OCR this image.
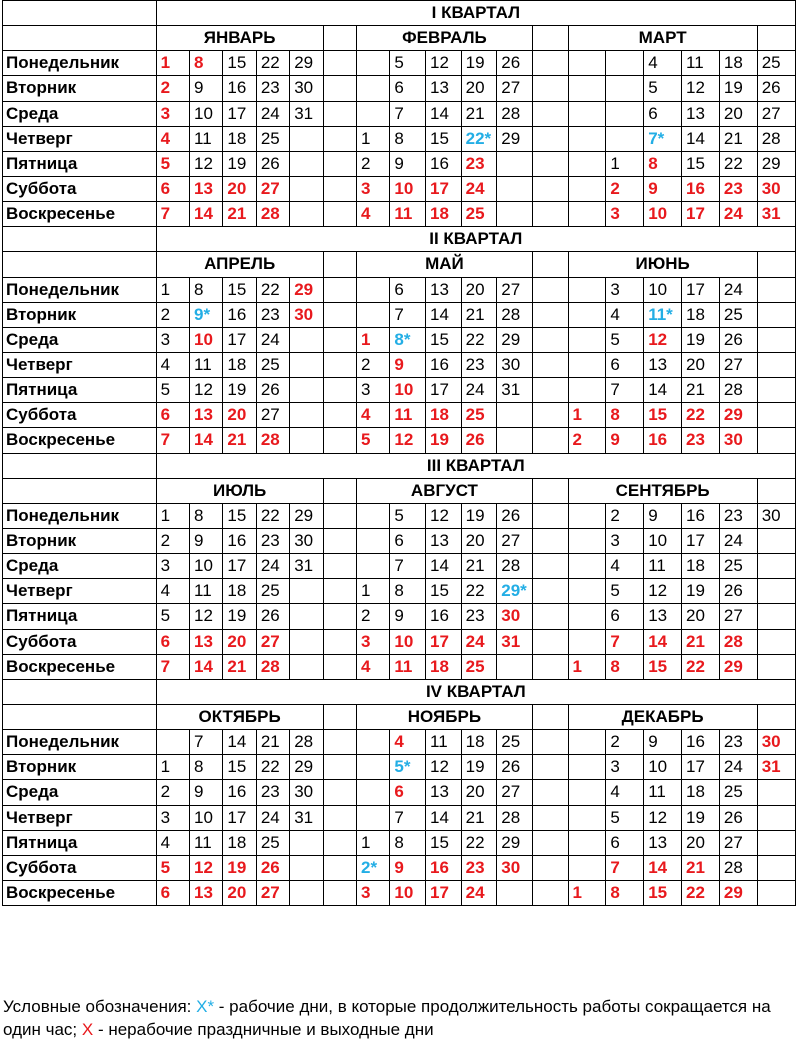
	I КВАРТАЛ																	
	ЯНВАРЬ						ФЕВРАЛЬ						МАРТ					
Понедельник	1	8	15	22	29			5	12	19	26				4	11	18	25
Вторник	2	9	16	23	30			6	13	20	27				5	12	19	26
Среда	3	10	17	24	31			7	14	21	28				6	13	20	27
Четверг	4	11	18	25			1	8	15	22*	29				7*	14	21	28
Пятница	5	12	19	26			2	9	16	23				1	8	15	22	29
Суббота	6	13	20	27			3	10	17	24				2	9	16	23	30
Воскресенье	7	14	21	28			4	11	18	25				3	10	17	24	31
	II КВАРТАЛ																	
	АПРЕЛЬ						МАЙ						ИЮНЬ					
Понедельник	1	8	15	22	29			6	13	20	27			3	10	17	24	
Вторник	2	9*	16	23	30			7	14	21	28			4	11*	18	25	
Среда	3	10	17	24			1	8*	15	22	29			5	12	19	26	
Четверг	4	11	18	25			2	9	16	23	30			6	13	20	27	
Пятница	5	12	19	26			3	10	17	24	31			7	14	21	28	
Суббота	6	13	20	27			4	11	18	25			1	8	15	22	29	
Воскресенье	7	14	21	28			5	12	19	26			2	9	16	23	30	
	III КВАРТАЛ																	
	ИЮЛЬ						АВГУСТ						СЕНТЯБРЬ					
Понедельник	1	8	15	22	29			5	12	19	26			2	9	16	23	30
Вторник	2	9	16	23	30			6	13	20	27			3	10	17	24	
Среда	3	10	17	24	31			7	14	21	28			4	11	18	25	
Четверг	4	11	18	25			1	8	15	22	29*			5	12	19	26	
Пятница	5	12	19	26			2	9	16	23	30			6	13	20	27	
Суббота	6	13	20	27			3	10	17	24	31			7	14	21	28	
Воскресенье	7	14	21	28			4	11	18	25			1	8	15	22	29	
	IV КВАРТАЛ																	
	ОКТЯБРЬ						НОЯБРЬ						ДЕКАБРЬ					
Понедельник		7	14	21	28			4	11	18	25			2	9	16	23	30
Вторник	1	8	15	22	29			5*	12	19	26			3	10	17	24	31
Среда	2	9	16	23	30			6	13	20	27			4	11	18	25	
Четверг	3	10	17	24	31			7	14	21	28			5	12	19	26	
Пятница	4	11	18	25			1	8	15	22	29			6	13	20	27	
Суббота	5	12	19	26			2*	9	16	23	30			7	14	21	28	
Воскресенье	6	13	20	27			3	10	17	24			1	8	15	22	29	
Условные обозначения: Х* - рабочие дни, в которые продолжительность работы сокращается на один час; Х - нерабочие праздничные и выходные дни
